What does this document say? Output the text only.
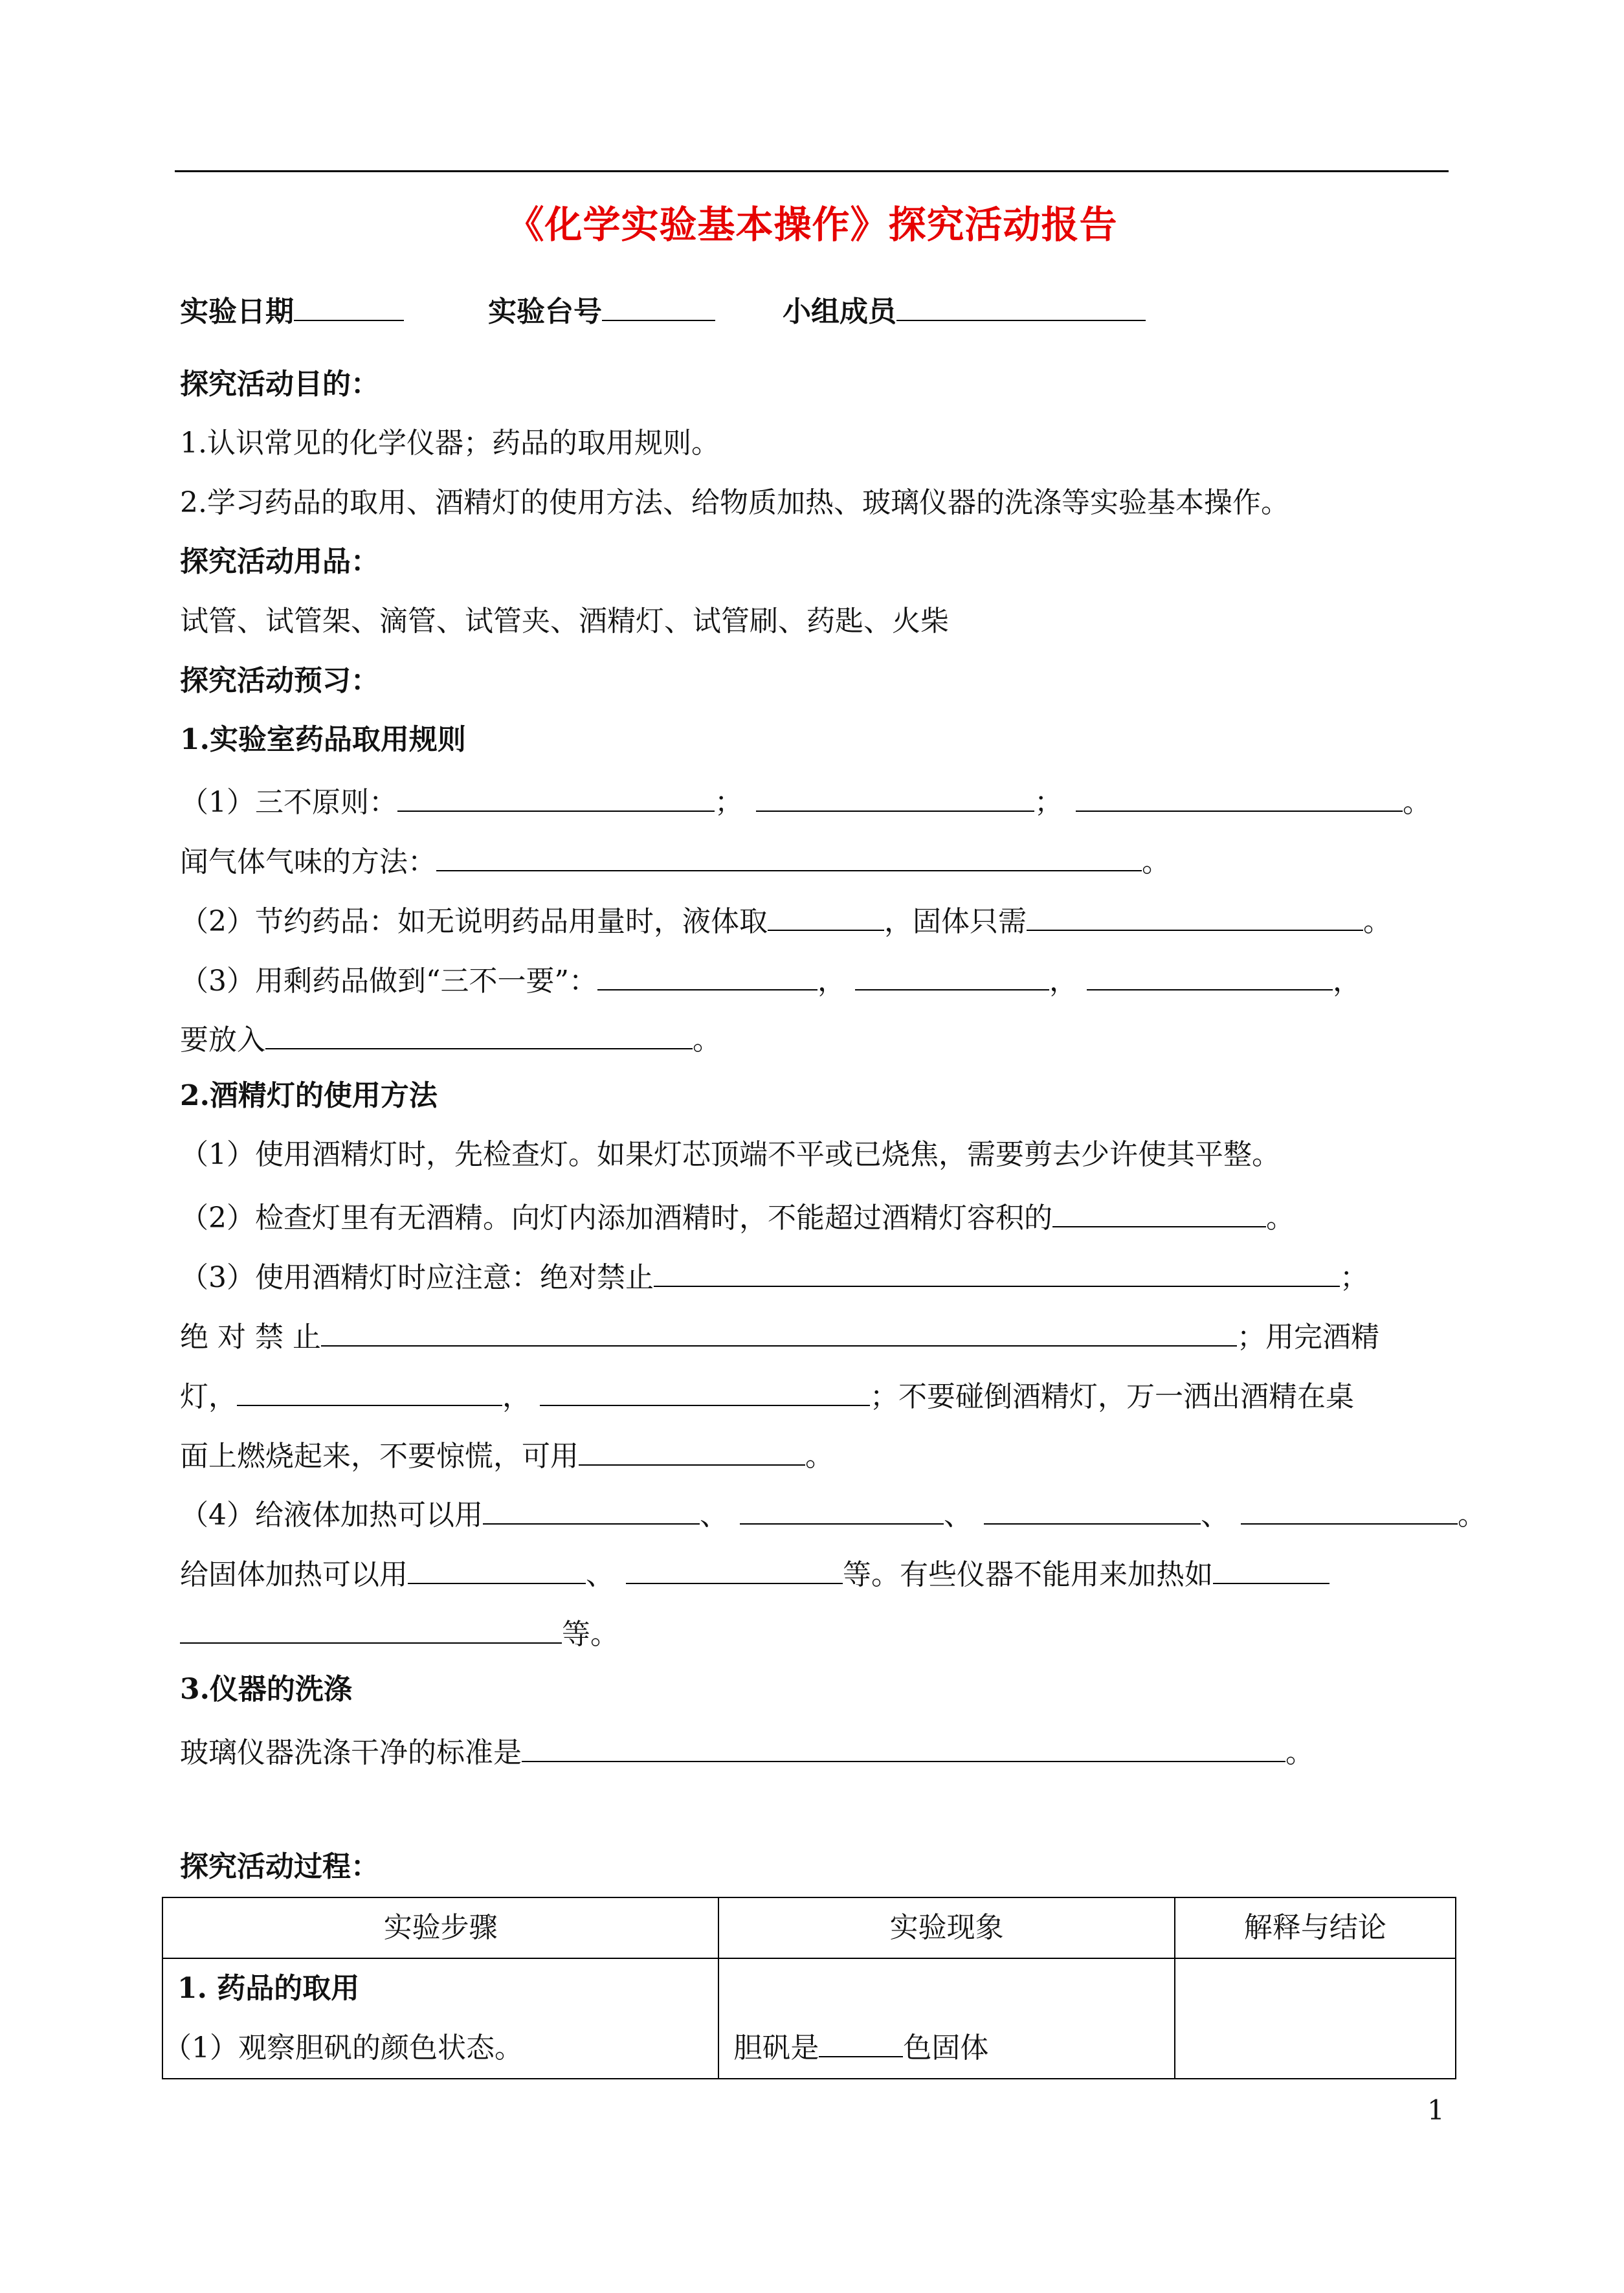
《化学实验基本操作》探究活动报告
实验日期	实验台号	小组成员
探究活动目的：
1.认识常见的化学仪器；药品的取用规则。
2.学习药品的取用、酒精灯的使用方法、给物质加热、玻璃仪器的洗涤等实验基本操作。
探究活动用品：
试管、试管架、滴管、试管夹、酒精灯、试管刷、药匙、火柴
探究活动预习：
1.实验室药品取用规则
（1）三不原则：	；	；	。
闻气体气味的方法：	。
（2）节约药品：如无说明药品用量时，液体取	，固体只需	。
（3）用剩药品做到“三不一要”：	，	，	，
要放入	。
2.酒精灯的使用方法
（1）使用酒精灯时，先检查灯。如果灯芯顶端不平或已烧焦，需要剪去少许使其平整。
（2）检查灯里有无酒精。向灯内添加酒精时，不能超过酒精灯容积的	。
（3）使用酒精灯时应注意：绝对禁止	；
绝 对 禁 止	；用完酒精
灯，	，	；不要碰倒酒精灯，万一洒出酒精在桌
面上燃烧起来，不要惊慌，可用	。
（4）给液体加热可以用	、	、	、	。
给固体加热可以用	、	等。有些仪器不能用来加热如
等。
3.仪器的洗涤
玻璃仪器洗涤干净的标准是	。
探究活动过程：
实验步骤	实验现象	解释与结论

1. 药品的取用
（1）观察胆矾的颜色状态。	胆矾是 色固体	

1
